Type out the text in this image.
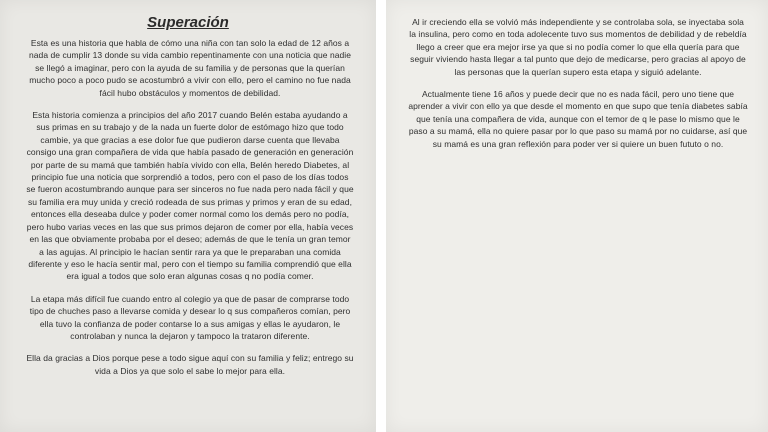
Superación

Esta es una historia que habla de cómo una niña con tan solo la edad de 12 años a nada de cumplir 13 donde su vida cambio repentinamente con una noticia que nadie se llegó a imaginar, pero con la ayuda de su familia y de personas que la querían mucho poco a poco pudo se acostumbró a vivir con ello, pero el camino no fue nada fácil hubo obstáculos y momentos de debilidad.

Esta historia comienza a principios del año 2017 cuando Belén estaba ayudando a sus primas en su trabajo y de la nada un fuerte dolor de estómago hizo que todo cambie, ya que gracias a ese dolor fue que pudieron darse cuenta que llevaba consigo una gran compañera de vida que había pasado de generación en generación por parte de su mamá que también había vivido con ella, Belén heredo Diabetes, al principio fue una noticia que sorprendió a todos, pero con el paso de los días todos se fueron acostumbrando aunque para ser sinceros no fue nada pero nada fácil y que su familia era muy unida y creció rodeada de sus primas y primos y eran de su edad, entonces ella deseaba dulce y poder comer normal como los demás pero no podía, pero hubo varias veces en las que sus primos dejaron de comer por ella, había veces en las que obviamente probaba por el deseo; además de que le tenía un gran temor a las agujas. Al principio le hacían sentir rara ya que le preparaban una comida diferente y eso le hacía sentir mal, pero con el tiempo su familia comprendió que ella era igual a todos que solo eran algunas cosas q no podía comer.

La etapa más difícil fue cuando entro al colegio ya que de pasar de comprarse todo tipo de chuches paso a llevarse comida y desear lo q sus compañeros comían, pero ella tuvo la confianza de poder contarse lo a sus amigas y ellas le ayudaron, le controlaban y nunca la dejaron y tampoco la trataron diferente.

Ella da gracias a Dios porque pese a todo sigue aquí con su familia y feliz; entrego su vida a Dios ya que solo el sabe lo mejor para ella.

Al ir creciendo ella se volvió más independiente y se controlaba sola, se inyectaba sola la insulina, pero como en toda adolecente tuvo sus momentos de debilidad y de rebeldía llego a creer que era mejor irse ya que si no podía comer lo que ella quería para que seguir viviendo hasta llegar a tal punto que dejo de medicarse, pero gracias al apoyo de las personas que la querían supero esta etapa y siguió adelante.

Actualmente tiene 16 años y puede decir que no es nada fácil, pero uno tiene que aprender a vivir con ello ya que desde el momento en que supo que tenía diabetes sabía que tenía una compañera de vida, aunque con el temor de q le pase lo mismo que le paso a su mamá, ella no quiere pasar por lo que paso su mamá por no cuidarse, así que su mamá es una gran reflexión para poder ver si quiere un buen fututo o no.
